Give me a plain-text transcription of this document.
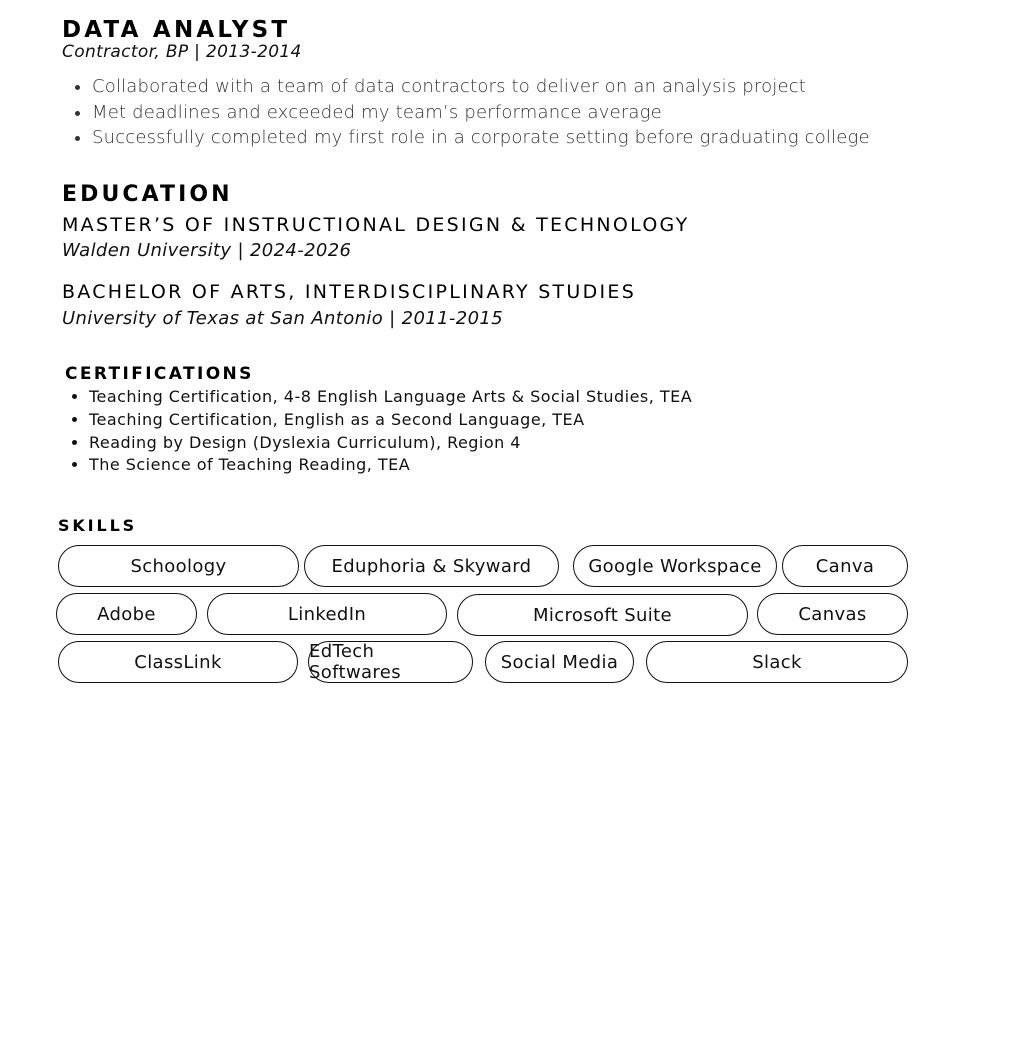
DATA ANALYST
Contractor, BP | 2013-2014
• Collaborated with a team of data contractors to deliver on an analysis project
• Met deadlines and exceeded my team’s performance average
• Successfully completed my first role in a corporate setting before graduating college
EDUCATION
MASTER’S OF INSTRUCTIONAL DESIGN & TECHNOLOGY
Walden University | 2024-2026
BACHELOR OF ARTS, INTERDISCIPLINARY STUDIES
University of Texas at San Antonio | 2011-2015
CERTIFICATIONS
• Teaching Certification, 4-8 English Language Arts & Social Studies, TEA
• Teaching Certification, English as a Second Language, TEA
• Reading by Design (Dyslexia Curriculum), Region 4
• The Science of Teaching Reading, TEA
SKILLS
Schoology	Eduphoria & Skyward	Google Workspace	Canva
Adobe	LinkedIn	Microsoft Suite	Canvas
ClassLink	EdTech Softwares	Social Media	Slack
